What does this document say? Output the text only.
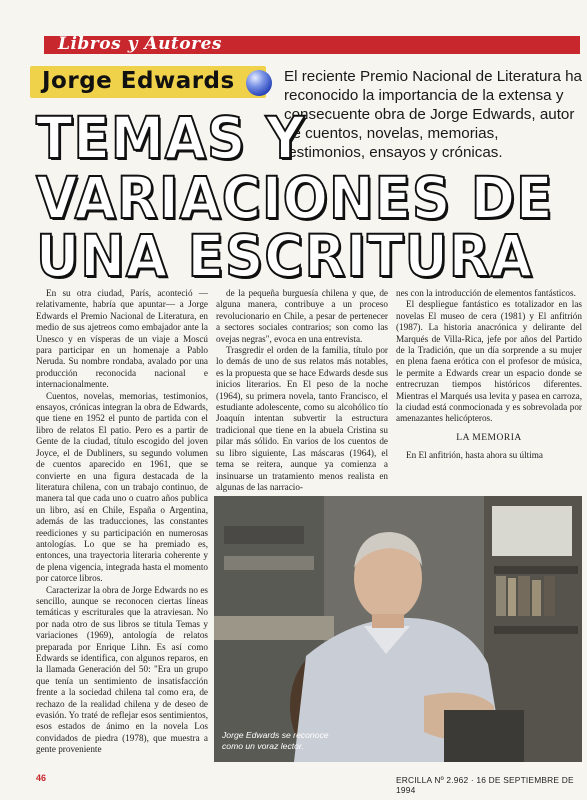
Libros y Autores
Jorge Edwards	El reciente Premio Nacional de Literatura ha reconocido la importancia de la extensa y consecuente obra de Jorge Edwards, autor de cuentos, novelas, memorias, testimonios, ensayos y crónicas.
TEMAS Y
VARIACIONES DE
UNA ESCRITURA

En su otra ciudad, París, aconteció —relativamente, habría que apuntar— a Jorge Edwards el Premio Nacional de Literatura, en medio de sus ajetreos como embajador ante la Unesco y en vísperas de un viaje a Moscú para participar en un homenaje a Pablo Neruda. Su nombre rondaba, avalado por una producción reconocida nacional e internacionalmente.

Cuentos, novelas, memorias, testimonios, ensayos, crónicas integran la obra de Edwards, que tiene en 1952 el punto de partida con el libro de relatos El patio. Pero es a partir de Gente de la ciudad, título escogido del joven Joyce, el de Dubliners, su segundo volumen de cuentos aparecido en 1961, que se convierte en una figura destacada de la literatura chilena, con un trabajo continuo, de manera tal que cada uno o cuatro años publica un libro, así en Chile, España o Argentina, además de las traducciones, las constantes reediciones y su participación en numerosas antologías. Lo que se ha premiado es, entonces, una trayectoria literaria coherente y de plena vigencia, integrada hasta el momento por catorce libros.

Caracterizar la obra de Jorge Edwards no es sencillo, aunque se reconocen ciertas líneas temáticas y escriturales que la atraviesan. No por nada otro de sus libros se titula Temas y variaciones (1969), antología de relatos preparada por Enrique Lihn. Es así como Edwards se identifica, con algunos reparos, en la llamada Generación del 50: "Era un grupo que tenía un sentimiento de insatisfacción frente a la sociedad chilena tal como era, de rechazo de la realidad chilena y de deseo de evasión. Yo traté de reflejar esos sentimientos, esos estados de ánimo en la novela Los convidados de piedra (1978), que muestra a gente proveniente

de la pequeña burguesía chilena y que, de alguna manera, contribuye a un proceso revolucionario en Chile, a pesar de pertenecer a sectores sociales contrarios; son como las ovejas negras", evoca en una entrevista.

Trasgredir el orden de la familia, título por lo demás de uno de sus relatos más notables, es la propuesta que se hace Edwards desde sus inicios literarios. En El peso de la noche (1964), su primera novela, tanto Francisco, el estudiante adolescente, como su alcohólico tío Joaquín intentan subvertir la estructura tradicional que tiene en la abuela Cristina su pilar más sólido. En varios de los cuentos de su libro siguiente, Las máscaras (1964), el tema se reitera, aunque ya comienza a insinuarse un tratamiento menos realista en algunas de las narracio-

nes con la introducción de elementos fantásticos.

El despliegue fantástico es totalizador en las novelas El museo de cera (1981) y El anfitrión (1987). La historia anacrónica y delirante del Marqués de Villa-Rica, jefe por años del Partido de la Tradición, que un día sorprende a su mujer en plena faena erótica con el profesor de música, le permite a Edwards crear un espacio donde se entrecruzan tiempos históricos diferentes. Mientras el Marqués usa levita y pasea en carroza, la ciudad está conmocionada y es sobrevolada por amenazantes helicópteros.

LA MEMORIA

En El anfitrión, hasta ahora su última

Jorge Edwards se reconoce
como un voraz lector.
46	ERCILLA Nº 2.962 · 16 DE SEPTIEMBRE DE 1994
